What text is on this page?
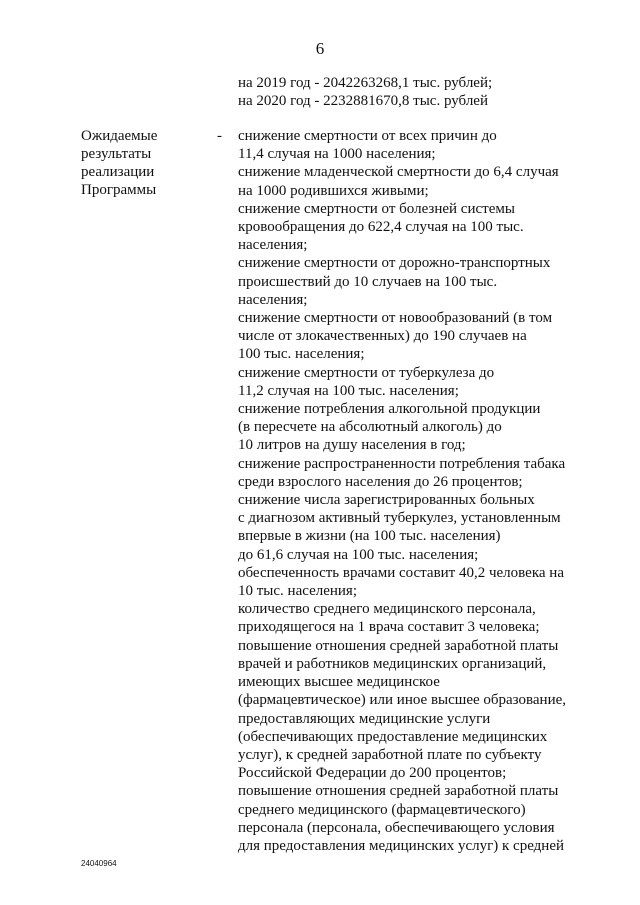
6
на 2019 год - 2042263268,1 тыс. рублей;
на 2020 год - 2232881670,8 тыс. рублей
Ожидаемые
результаты
реализации
Программы
- снижение смертности от всех причин до
11,4 случая на 1000 населения;
снижение младенческой смертности до 6,4 случая
на 1000 родившихся живыми;
снижение смертности от болезней системы
кровообращения до 622,4 случая на 100 тыс.
населения;
снижение смертности от дорожно-транспортных
происшествий до 10 случаев на 100 тыс.
населения;
снижение смертности от новообразований (в том
числе от злокачественных) до 190 случаев на
100 тыс. населения;
снижение смертности от туберкулеза до
11,2 случая на 100 тыс. населения;
снижение потребления алкогольной продукции
(в пересчете на абсолютный алкоголь) до
10 литров на душу населения в год;
снижение распространенности потребления табака
среди взрослого населения до 26 процентов;
снижение числа зарегистрированных больных
с диагнозом активный туберкулез, установленным
впервые в жизни (на 100 тыс. населения)
до 61,6 случая на 100 тыс. населения;
обеспеченность врачами составит 40,2 человека на
10 тыс. населения;
количество среднего медицинского персонала,
приходящегося на 1 врача составит 3 человека;
повышение отношения средней заработной платы
врачей и работников медицинских организаций,
имеющих высшее медицинское
(фармацевтическое) или иное высшее образование,
предоставляющих медицинские услуги
(обеспечивающих предоставление медицинских
услуг), к средней заработной плате по субъекту
Российской Федерации до 200 процентов;
повышение отношения средней заработной платы
среднего медицинского (фармацевтического)
персонала (персонала, обеспечивающего условия
для предоставления медицинских услуг) к средней
24040964
